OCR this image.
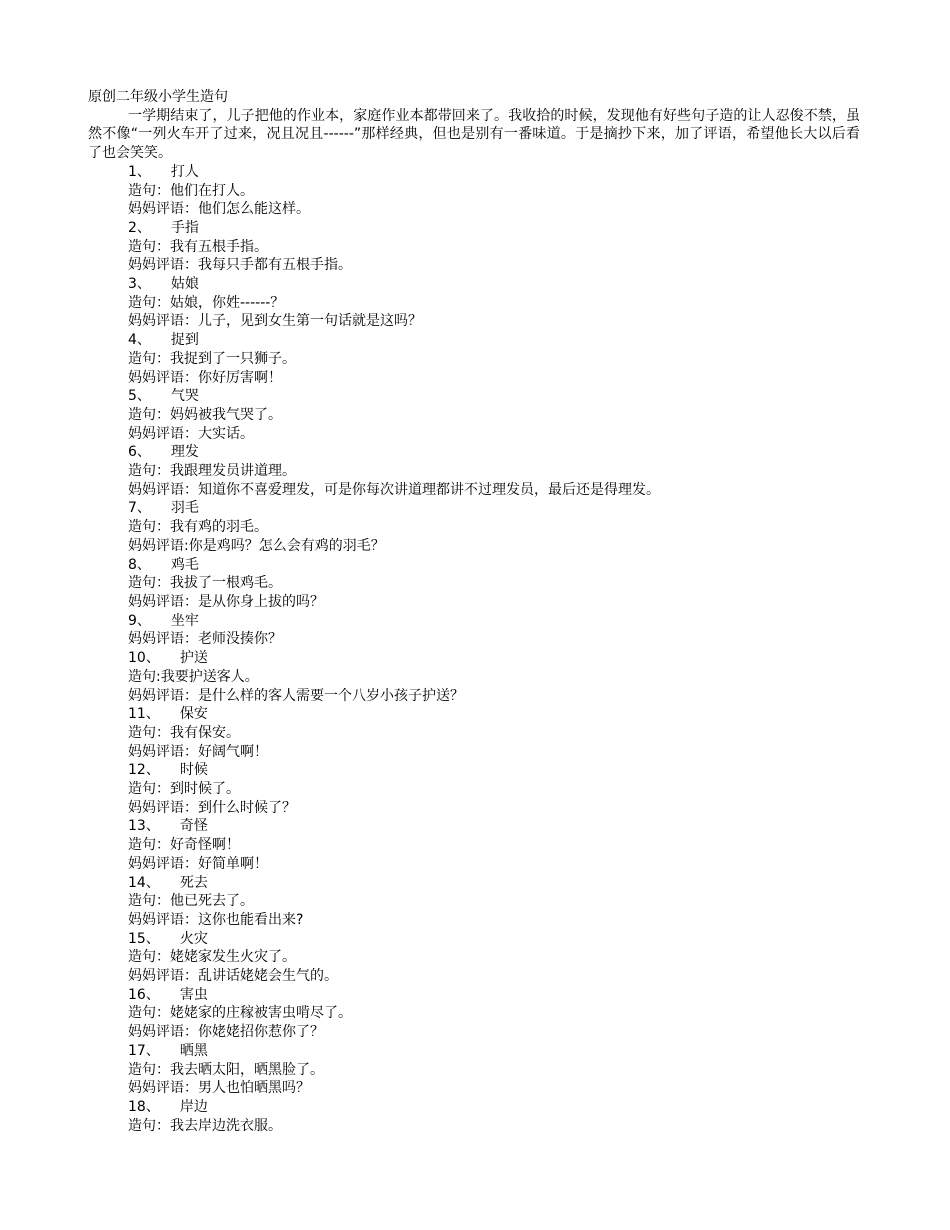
原创二年级小学生造句

一学期结束了，儿子把他的作业本，家庭作业本都带回来了。我收拾的时候，发现他有好些句子造的让人忍俊不禁，虽然不像“一列火车开了过来，况且况且------”那样经典，但也是别有一番味道。于是摘抄下来，加了评语，希望他长大以后看了也会笑笑。

1、 打人
造句：他们在打人。
妈妈评语：他们怎么能这样。
2、 手指
造句：我有五根手指。
妈妈评语：我每只手都有五根手指。
3、 姑娘
造句：姑娘，你姓------？
妈妈评语：儿子，见到女生第一句话就是这吗？
4、 捉到
造句：我捉到了一只狮子。
妈妈评语：你好厉害啊！
5、 气哭
造句：妈妈被我气哭了。
妈妈评语：大实话。
6、 理发
造句：我跟理发员讲道理。
妈妈评语：知道你不喜爱理发，可是你每次讲道理都讲不过理发员，最后还是得理发。
7、 羽毛
造句：我有鸡的羽毛。
妈妈评语:你是鸡吗？怎么会有鸡的羽毛？
8、 鸡毛
造句：我拔了一根鸡毛。
妈妈评语：是从你身上拔的吗？
9、 坐牢
妈妈评语：老师没揍你？
10、 护送
造句:我要护送客人。
妈妈评语：是什么样的客人需要一个八岁小孩子护送？
11、 保安
造句：我有保安。
妈妈评语：好阔气啊！
12、 时候
造句：到时候了。
妈妈评语：到什么时候了？
13、 奇怪
造句：好奇怪啊！
妈妈评语：好简单啊！
14、 死去
造句：他已死去了。
妈妈评语：这你也能看出来?
15、 火灾
造句：姥姥家发生火灾了。
妈妈评语：乱讲话姥姥会生气的。
16、 害虫
造句：姥姥家的庄稼被害虫啃尽了。
妈妈评语：你姥姥招你惹你了？
17、 晒黑
造句：我去晒太阳，晒黑脸了。
妈妈评语：男人也怕晒黑吗？
18、 岸边
造句：我去岸边洗衣服。
